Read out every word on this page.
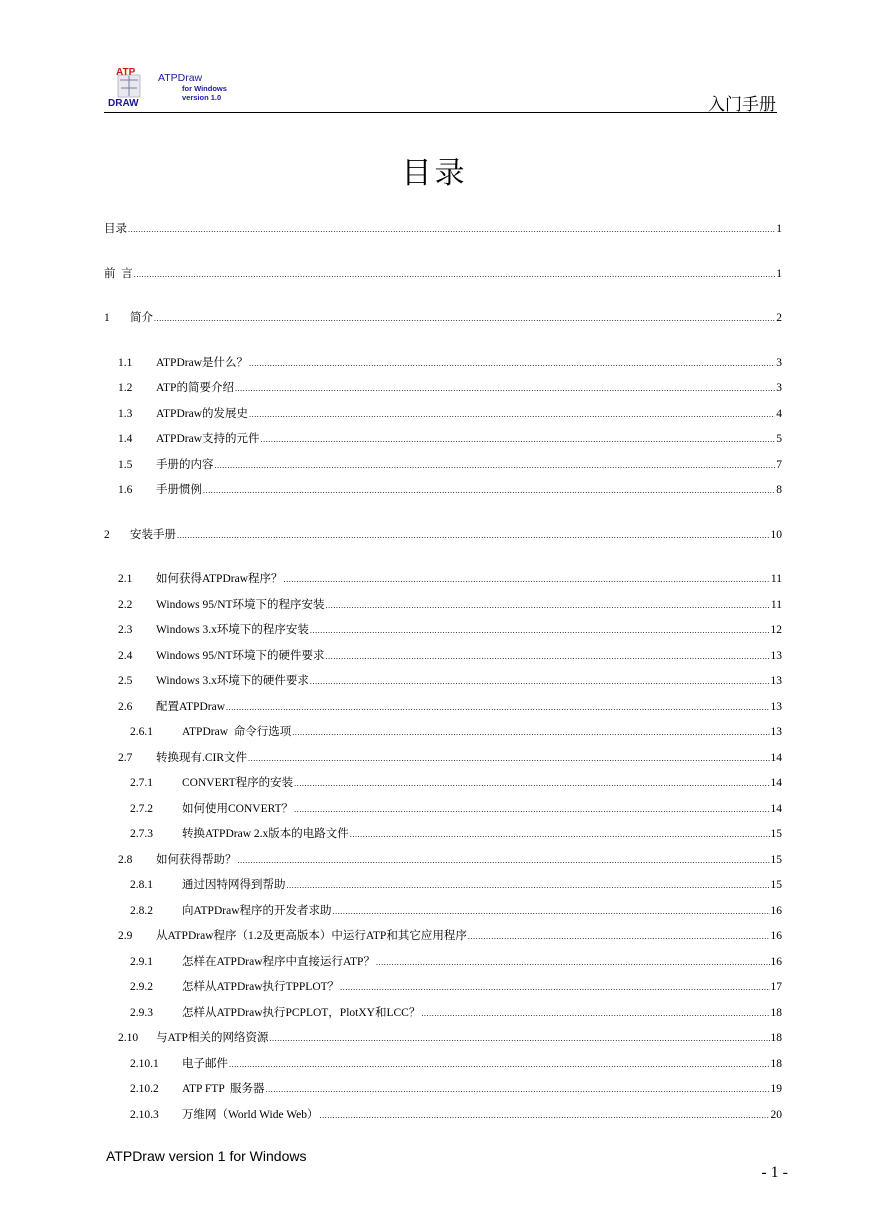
ATP
DRAW
ATPDraw
for Windows
version 1.0	入门手册
目录
目录 .....	1
前  言 .....	1
1	简介 .....	2
1.1	ATPDraw是什么？ .....	3
1.2	ATP的简要介绍 .....	3
1.3	ATPDraw的发展史 .....	4
1.4	ATPDraw支持的元件 .....	5
1.5	手册的内容 .....	7
1.6	手册惯例 .....	8
2	安装手册 .....	10
2.1	如何获得ATPDraw程序？ .....	11
2.2	Windows 95/NT环境下的程序安装 .....	11
2.3	Windows 3.x环境下的程序安装 .....	12
2.4	Windows 95/NT环境下的硬件要求 .....	13
2.5	Windows 3.x环境下的硬件要求 .....	13
2.6	配置ATPDraw .....	13
2.6.1	ATPDraw  命令行选项 .....	13
2.7	转换现有.CIR文件 .....	14
2.7.1	CONVERT程序的安装 .....	14
2.7.2	如何使用CONVERT？ .....	14
2.7.3	转换ATPDraw 2.x版本的电路文件 .....	15
2.8	如何获得帮助？ .....	15
2.8.1	通过因特网得到帮助 .....	15
2.8.2	向ATPDraw程序的开发者求助 .....	16
2.9	从ATPDraw程序（1.2及更高版本）中运行ATP和其它应用程序 .....	16
2.9.1	怎样在ATPDraw程序中直接运行ATP？ .....	16
2.9.2	怎样从ATPDraw执行TPPLOT？ .....	17
2.9.3	怎样从ATPDraw执行PCPLOT，PlotXY和LCC？ .....	18
2.10	与ATP相关的网络资源 .....	18
2.10.1	电子邮件 .....	18
2.10.2	ATP FTP  服务器 .....	19
2.10.3	万维网（World Wide Web） .....	20
ATPDraw version 1 for Windows
- 1 -
